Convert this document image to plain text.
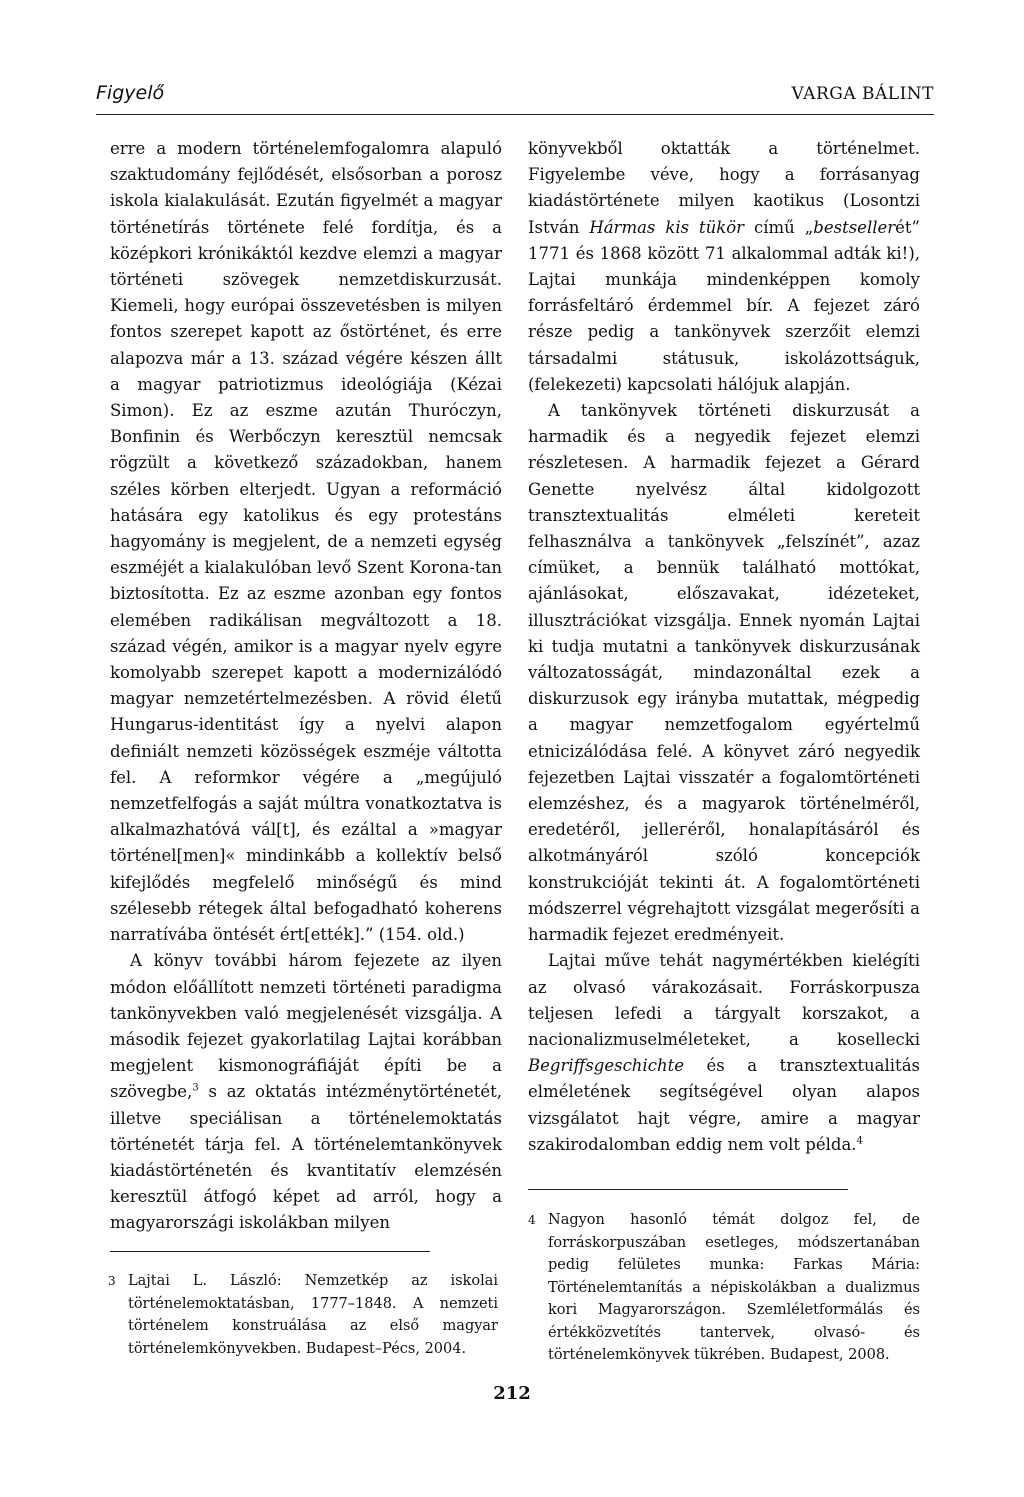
Figyelő	VARGA BÁLINT

erre a modern történelemfogalomra alapuló szaktudomány fejlődését, elsősorban a porosz iskola kialakulását. Ezután figyelmét a magyar történetírás története felé fordítja, és a középkori krónikáktól kezdve elemzi a magyar történeti szövegek nemzetdiskurzusát. Kiemeli, hogy európai összevetésben is milyen fontos szerepet kapott az őstörténet, és erre alapozva már a 13. század végére készen állt a magyar patriotizmus ideológiája (Kézai Simon). Ez az eszme azután Thuróczyn, Bonfinin és Werbőczyn keresztül nemcsak rögzült a következő századokban, hanem széles körben elterjedt. Ugyan a reformáció hatására egy katolikus és egy protestáns hagyomány is megjelent, de a nemzeti egység eszméjét a kialakulóban levő Szent Korona-tan biztosította. Ez az eszme azonban egy fontos elemében radikálisan megváltozott a 18. század végén, amikor is a magyar nyelv egyre komolyabb szerepet kapott a modernizálódó magyar nemzetértelmezésben. A rövid életű Hungarus-identitást így a nyelvi alapon definiált nemzeti közösségek eszméje váltotta fel. A reformkor végére a „megújuló nemzetfelfogás a saját múltra vonatkoztatva is alkalmazhatóvá vál[t], és ezáltal a »magyar történel[men]« mindinkább a kollektív belső kifejlődés megfelelő minőségű és mind szélesebb rétegek által befogadható koherens narratívába öntését ért[ették].” (154. old.)

A könyv további három fejezete az ilyen módon előállított nemzeti történeti paradigma tankönyvekben való megjelenését vizsgálja. A második fejezet gyakorlatilag Lajtai korábban megjelent kismonográfiáját építi be a szövegbe,$^3$ s az oktatás intézménytörténetét, illetve speciálisan a történelemoktatás történetét tárja fel. A történelemtankönyvek kiadástörténetén és kvantitatív elemzésén keresztül átfogó képet ad arról, hogy a magyarországi iskolákban milyen

könyvekből oktatták a történelmet. Figyelembe véve, hogy a forrásanyag kiadástörténete milyen kaotikus (Losontzi István Hármas kis tükör című „bestsellerét” 1771 és 1868 között 71 alkalommal adták ki!), Lajtai munkája mindenképpen komoly forrásfeltáró érdemmel bír. A fejezet záró része pedig a tankönyvek szerzőit elemzi társadalmi státusuk, iskolázottságuk, (felekezeti) kapcsolati hálójuk alapján.

A tankönyvek történeti diskurzusát a harmadik és a negyedik fejezet elemzi részletesen. A harmadik fejezet a Gérard Genette nyelvész által kidolgozott transztextualitás elméleti kereteit felhasználva a tankönyvek „felszínét”, azaz címüket, a bennük található mottókat, ajánlásokat, előszavakat, idézeteket, illusztrációkat vizsgálja. Ennek nyomán Lajtai ki tudja mutatni a tankönyvek diskurzusának változatosságát, mindazonáltal ezek a diskurzusok egy irányba mutattak, mégpedig a magyar nemzetfogalom egyértelmű etnicizálódása felé. A könyvet záró negyedik fejezetben Lajtai visszatér a fogalomtörténeti elemzéshez, és a magyarok történelméről, eredetéről, jelleгéről, honalapításáról és alkotmányáról szóló koncepciók konstrukcióját tekinti át. A fogalomtörténeti módszerrel végrehajtott vizsgálat megerősíti a harmadik fejezet eredményeit.

Lajtai műve tehát nagymértékben kielégíti az olvasó várakozásait. Forráskorpusza teljesen lefedi a tárgyalt korszakot, a nacionalizmuselméleteket, a kosellecki Begriffsgeschichte és a transztextualitás elméletének segítségével olyan alapos vizsgálatot hajt végre, amire a magyar szakirodalomban eddig nem volt példa.$^4$

3 Lajtai L. László: Nemzetkép az iskolai történelemoktatásban, 1777–1848. A nemzeti történelem konstruálása az első magyar történelemkönyvekben. Budapest–Pécs, 2004.
4 Nagyon hasonló témát dolgoz fel, de forráskorpuszában esetleges, módszertanában pedig felületes munka: Farkas Mária: Történelemtanítás a népiskolákban a dualizmus kori Magyarországon. Szemléletformálás és értékközvetítés tantervek, olvasó- és történelemkönyvek tükrében. Budapest, 2008.
212
